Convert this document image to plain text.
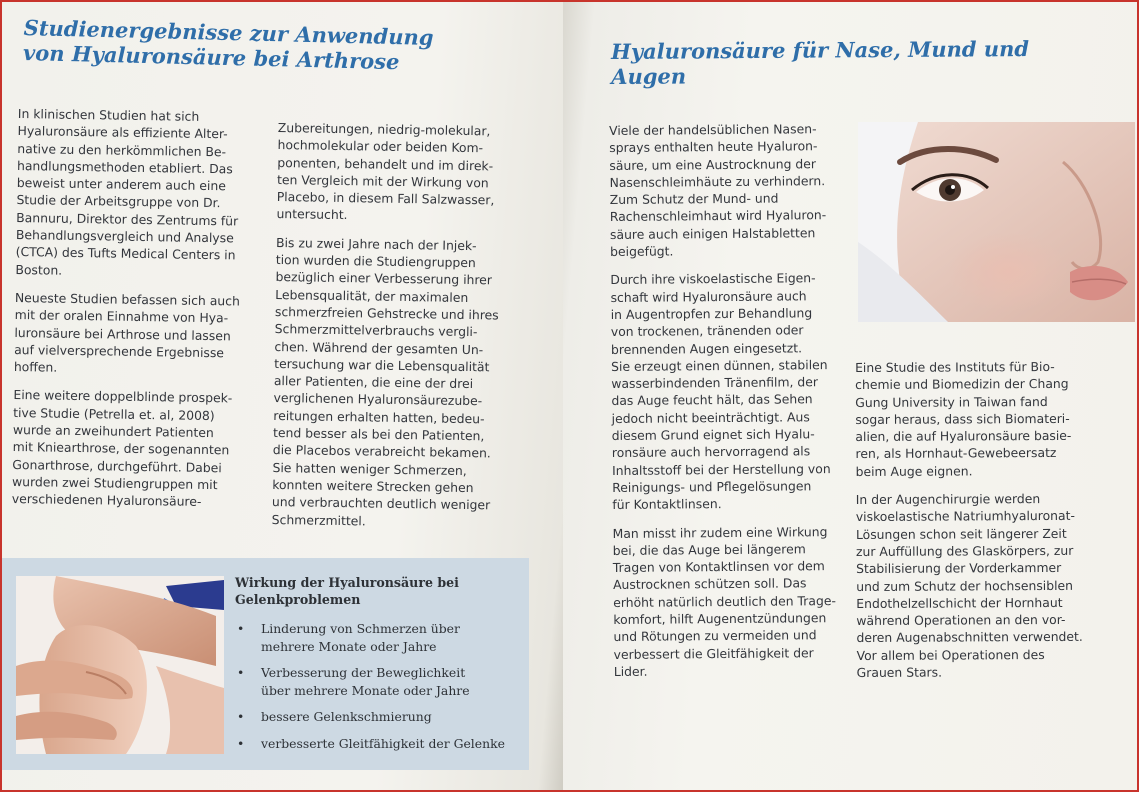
Studienergebnisse zur Anwendung
von Hyaluronsäure bei Arthrose

In klinischen Studien hat sich
Hyaluronsäure als effiziente Alter-
native zu den herkömmlichen Be-
handlungsmethoden etabliert. Das
beweist unter anderem auch eine
Studie der Arbeitsgruppe von Dr.
Bannuru, Direktor des Zentrums für
Behandlungsvergleich und Analyse
(CTCA) des Tufts Medical Centers in
Boston.

Neueste Studien befassen sich auch
mit der oralen Einnahme von Hya-
luronsäure bei Arthrose und lassen
auf vielversprechende Ergebnisse
hoffen.

Eine weitere doppelblinde prospek-
tive Studie (Petrella et. al, 2008)
wurde an zweihundert Patienten
mit Kniearthrose, der sogenannten
Gonarthrose, durchgeführt. Dabei
wurden zwei Studiengruppen mit
verschiedenen Hyaluronsäure-

Zubereitungen, niedrig-molekular,
hochmolekular oder beiden Kom-
ponenten, behandelt und im direk-
ten Vergleich mit der Wirkung von
Placebo, in diesem Fall Salzwasser,
untersucht.

Bis zu zwei Jahre nach der Injek-
tion wurden die Studiengruppen
bezüglich einer Verbesserung ihrer
Lebensqualität, der maximalen
schmerzfreien Gehstrecke und ihres
Schmerzmittelverbrauchs vergli-
chen. Während der gesamten Un-
tersuchung war die Lebensqualität
aller Patienten, die eine der drei
verglichenen Hyaluronsäurezube-
reitungen erhalten hatten, bedeu-
tend besser als bei den Patienten,
die Placebos verabreicht bekamen.
Sie hatten weniger Schmerzen,
konnten weitere Strecken gehen
und verbrauchten deutlich weniger
Schmerzmittel.

Wirkung der Hyaluronsäure bei
Gelenkproblemen
• Linderung von Schmerzen über
mehrere Monate oder Jahre
• Verbesserung der Beweglichkeit
über mehrere Monate oder Jahre
• bessere Gelenkschmierung
• verbesserte Gleitfähigkeit der Gelenke
Hyaluronsäure für Nase, Mund und Augen

Viele der handelsüblichen Nasen-
sprays enthalten heute Hyaluron-
säure, um eine Austrocknung der
Nasenschleimhäute zu verhindern.
Zum Schutz der Mund- und
Rachenschleimhaut wird Hyaluron-
säure auch einigen Halstabletten
beigefügt.

Durch ihre viskoelastische Eigen-
schaft wird Hyaluronsäure auch
in Augentropfen zur Behandlung
von trockenen, tränenden oder
brennenden Augen eingesetzt.
Sie erzeugt einen dünnen, stabilen
wasserbindenden Tränenfilm, der
das Auge feucht hält, das Sehen
jedoch nicht beeinträchtigt. Aus
diesem Grund eignet sich Hyalu-
ronsäure auch hervorragend als
Inhaltsstoff bei der Herstellung von
Reinigungs- und Pflegelösungen
für Kontaktlinsen.

Man misst ihr zudem eine Wirkung
bei, die das Auge bei längerem
Tragen von Kontaktlinsen vor dem
Austrocknen schützen soll. Das
erhöht natürlich deutlich den Trage-
komfort, hilft Augenentzündungen
und Rötungen zu vermeiden und
verbessert die Gleitfähigkeit der
Lider.

Eine Studie des Instituts für Bio-
chemie und Biomedizin der Chang
Gung University in Taiwan fand
sogar heraus, dass sich Biomateri-
alien, die auf Hyaluronsäure basie-
ren, als Hornhaut-Gewebeersatz
beim Auge eignen.

In der Augenchirurgie werden
viskoelastische Natriumhyaluronat-
Lösungen schon seit längerer Zeit
zur Auffüllung des Glaskörpers, zur
Stabilisierung der Vorderkammer
und zum Schutz der hochsensiblen
Endothelzellschicht der Hornhaut
während Operationen an den vor-
deren Augenabschnitten verwendet.
Vor allem bei Operationen des
Grauen Stars.
